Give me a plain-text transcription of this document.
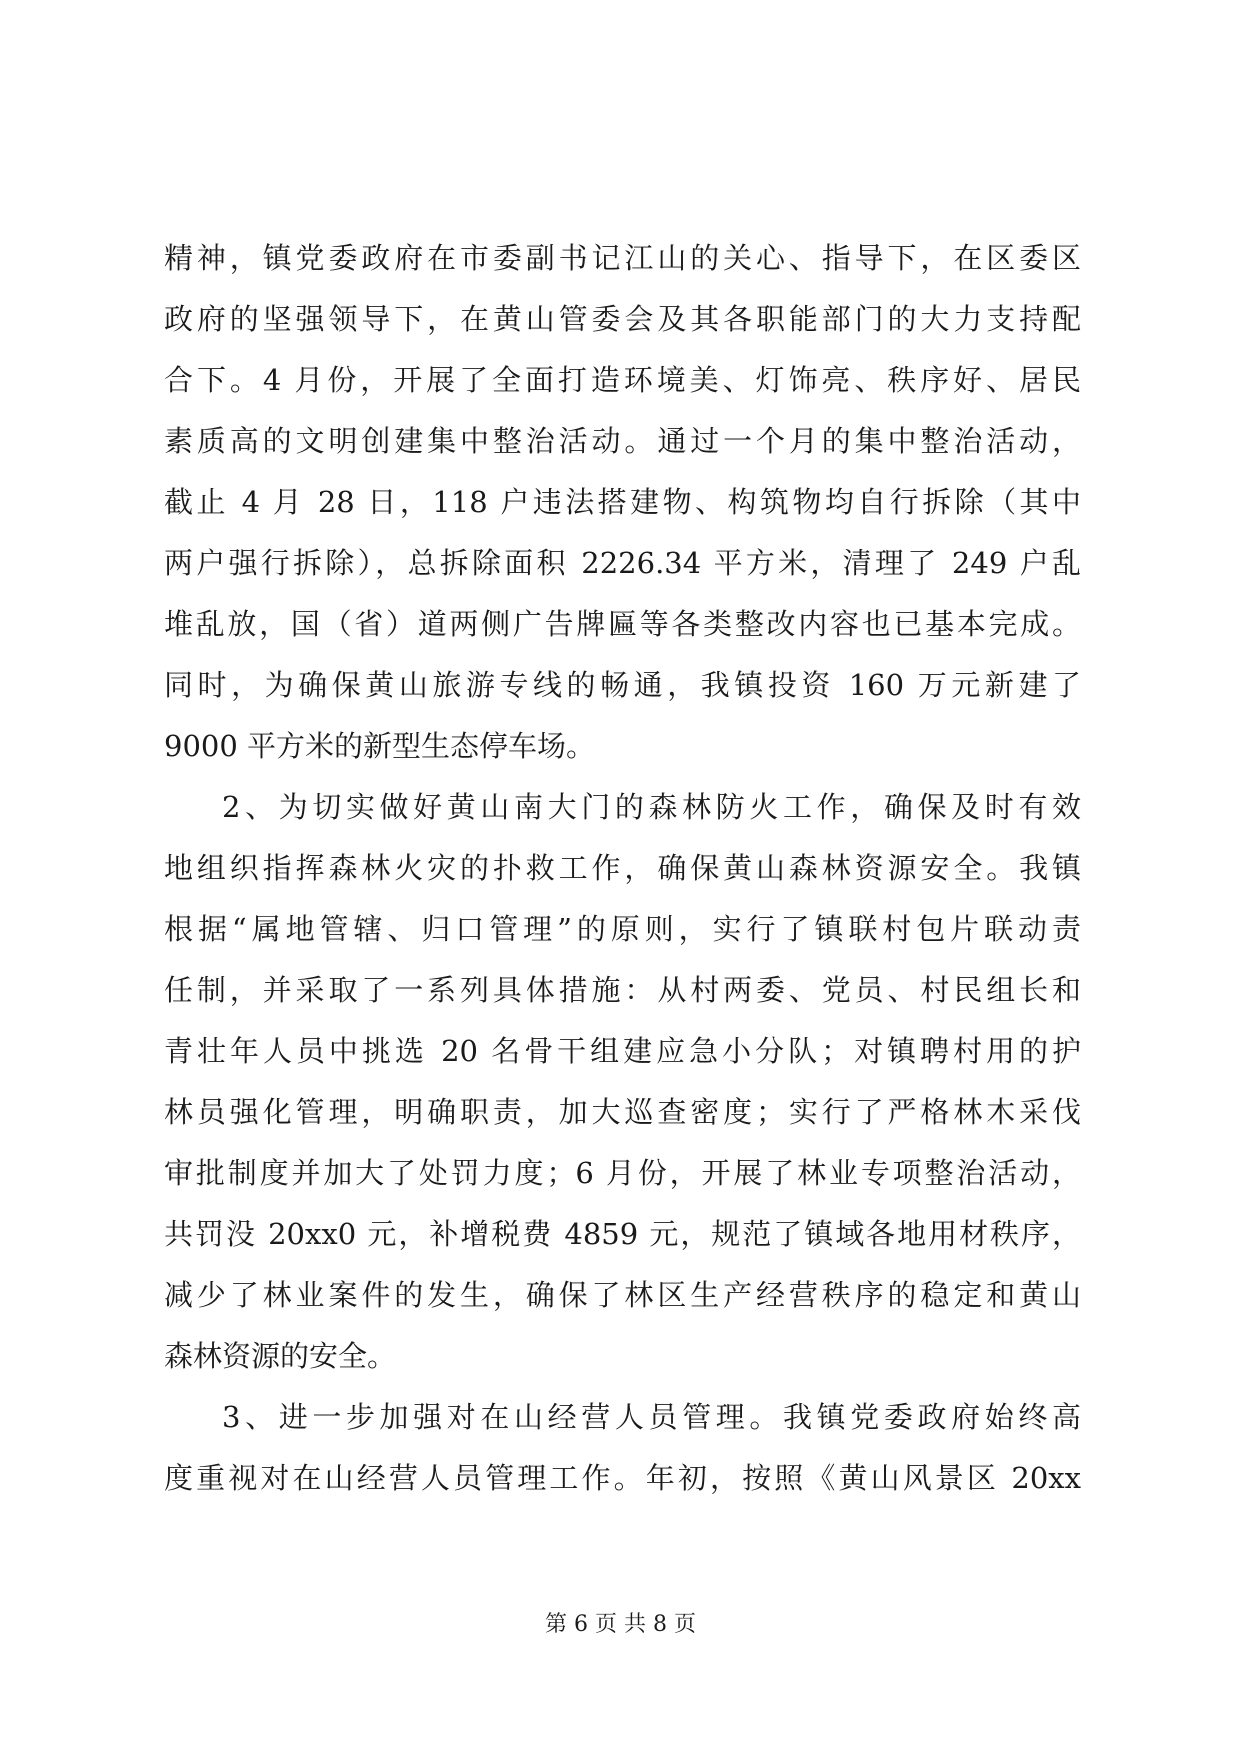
精神，镇党委政府在市委副书记江山的关心、指导下，在区委区
政府的坚强领导下，在黄山管委会及其各职能部门的大力支持配
合下。4 月份，开展了全面打造环境美、灯饰亮、秩序好、居民
素质高的文明创建集中整治活动。通过一个月的集中整治活动，
截止 4 月 28 日，118 户违法搭建物、构筑物均自行拆除（其中
两户强行拆除），总拆除面积 2226.34 平方米，清理了 249 户乱
堆乱放，国（省）道两侧广告牌匾等各类整改内容也已基本完成。
同时，为确保黄山旅游专线的畅通，我镇投资 160 万元新建了
9000 平方米的新型生态停车场。
2、为切实做好黄山南大门的森林防火工作，确保及时有效
地组织指挥森林火灾的扑救工作，确保黄山森林资源安全。我镇
根据“属地管辖、归口管理”的原则，实行了镇联村包片联动责
任制，并采取了一系列具体措施：从村两委、党员、村民组长和
青壮年人员中挑选 20 名骨干组建应急小分队；对镇聘村用的护
林员强化管理，明确职责，加大巡查密度；实行了严格林木采伐
审批制度并加大了处罚力度；6 月份，开展了林业专项整治活动，
共罚没 20xx0 元，补增税费 4859 元，规范了镇域各地用材秩序，
减少了林业案件的发生，确保了林区生产经营秩序的稳定和黄山
森林资源的安全。
3、进一步加强对在山经营人员管理。我镇党委政府始终高
度重视对在山经营人员管理工作。年初，按照《黄山风景区 20xx
第 6 页 共 8 页
